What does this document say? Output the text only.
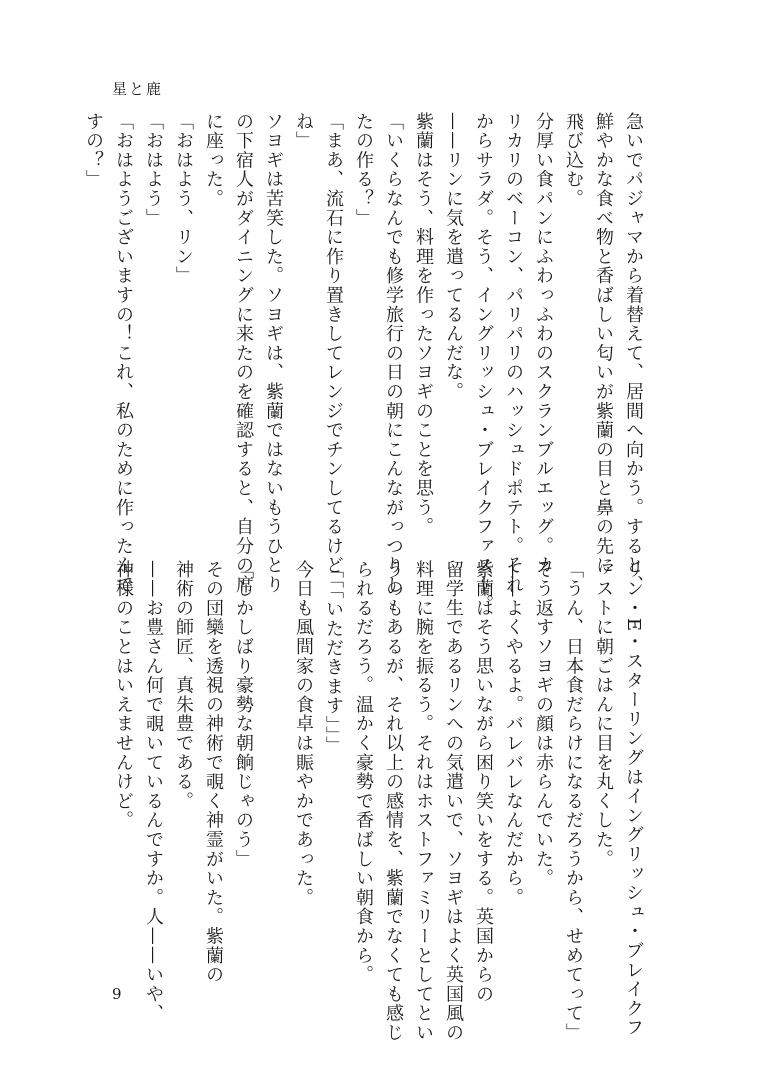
星と鹿
急いでパジャマから着替えて、居間へ向かう。すると、
鮮やかな食べ物と香ばしい匂いが紫蘭の目と鼻の先に
飛び込む。
分厚い食パンにふわっふわのスクランブルエッグ。カ
リカリのベーコン、パリパリのハッシュドポテト。それ
からサラダ。そう、イングリッシュ・ブレイクファスト。
——リンに気を遣ってるんだな。
紫蘭はそう、料理を作ったソヨギのことを思う。
「いくらなんでも修学旅行の日の朝にこんながっつりし
たの作る？」
「まあ、流石に作り置きしてレンジでチンしてるけど
ね」
ソヨギは苦笑した。ソヨギは、紫蘭ではないもうひとり
の下宿人がダイニングに来たのを確認すると、自分の席
に座った。
「おはよう、リン」
「おはよう」
「おはようございますの！これ、私のために作ったんで
すの？」
リン・E・スターリングはイングリッシュ・ブレイクフ
ァストに朝ごはんに目を丸くした。
「うん、日本食だらけになるだろうから、せめてって」
そう返すソヨギの顔は赤らんでいた。
——よくやるよ。バレバレなんだから。
紫蘭はそう思いながら困り笑いをする。英国からの
留学生であるリンへの気遣いで、ソヨギはよく英国風の
料理に腕を振るう。それはホストファミリーとしてとい
うのもあるが、それ以上の感情を、紫蘭でなくても感じ
られるだろう。温かく豪勢で香ばしい朝食から。
「「「いただきます」」」
今日も風間家の食卓は賑やかであった。
「しかしばり豪勢な朝餉じゃのう」
その団欒を透視の神術で覗く神霊がいた。紫蘭の
神術の師匠、真朱豊である。
——お豊さん何で覗いているんですか。人——いや、
神様のことはいえませんけど。
9
